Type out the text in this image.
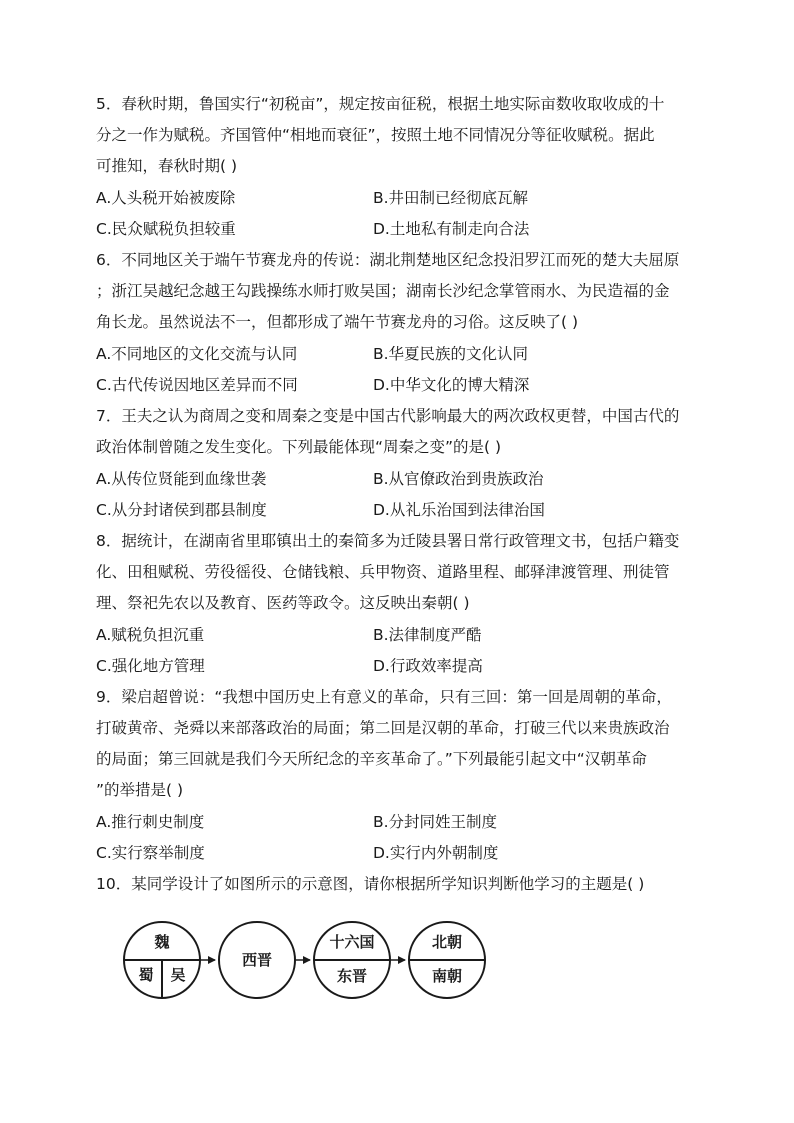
5．春秋时期，鲁国实行“初税亩”，规定按亩征税，根据土地实际亩数收取收成的十
分之一作为赋税。齐国管仲“相地而衰征”，按照土地不同情况分等征收赋税。据此
可推知，春秋时期( )
A.人头税开始被废除	B.井田制已经彻底瓦解
C.民众赋税负担较重	D.土地私有制走向合法
6．不同地区关于端午节赛龙舟的传说：湖北荆楚地区纪念投汨罗江而死的楚大夫屈原
；浙江吴越纪念越王勾践操练水师打败吴国；湖南长沙纪念掌管雨水、为民造福的金
角长龙。虽然说法不一，但都形成了端午节赛龙舟的习俗。这反映了( )
A.不同地区的文化交流与认同	B.华夏民族的文化认同
C.古代传说因地区差异而不同	D.中华文化的博大精深
7．王夫之认为商周之变和周秦之变是中国古代影响最大的两次政权更替，中国古代的
政治体制曾随之发生变化。下列最能体现“周秦之变”的是( )
A.从传位贤能到血缘世袭	B.从官僚政治到贵族政治
C.从分封诸侯到郡县制度	D.从礼乐治国到法律治国
8．据统计，在湖南省里耶镇出土的秦简多为迁陵县署日常行政管理文书，包括户籍变
化、田租赋税、劳役徭役、仓储钱粮、兵甲物资、道路里程、邮驿津渡管理、刑徒管
理、祭祀先农以及教育、医药等政令。这反映出秦朝( )
A.赋税负担沉重	B.法律制度严酷
C.强化地方管理	D.行政效率提高
9．梁启超曾说：“我想中国历史上有意义的革命，只有三回：第一回是周朝的革命，
打破黄帝、尧舜以来部落政治的局面；第二回是汉朝的革命，打破三代以来贵族政治
的局面；第三回就是我们今天所纪念的辛亥革命了。”下列最能引起文中“汉朝革命
”的举措是( )
A.推行刺史制度	B.分封同姓王制度
C.实行察举制度	D.实行内外朝制度
10．某同学设计了如图所示的示意图，请你根据所学知识判断他学习的主题是( )
魏
蜀 吴
西晋
十六国
东晋
北朝
南朝
